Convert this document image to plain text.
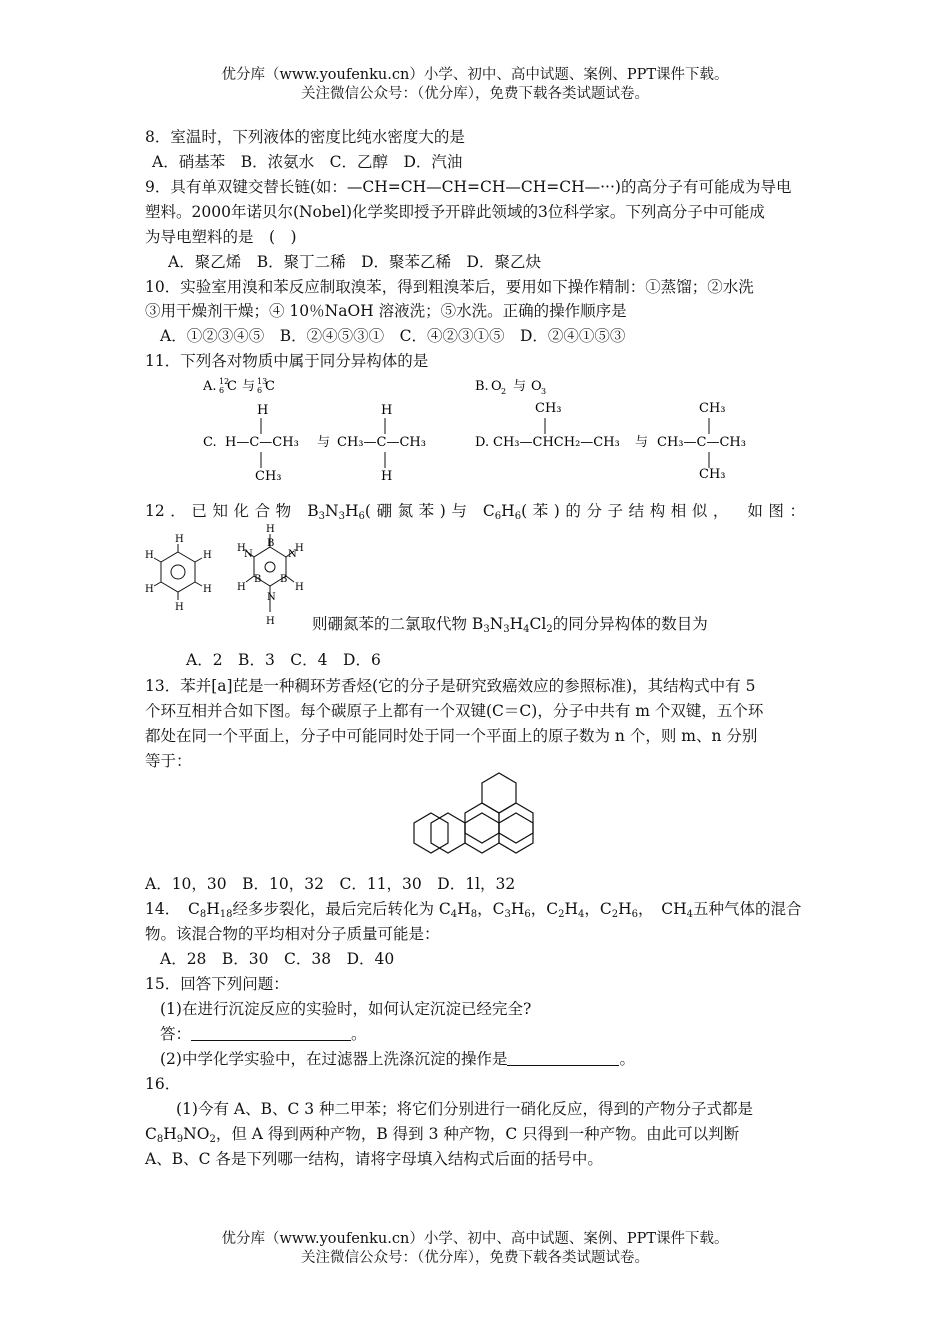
优分库（www.youfenku.cn）小学、初中、高中试题、案例、PPT课件下载。
关注微信公众号：（优分库），免费下载各类试题试卷。
8．室温时，下列液体的密度比纯水密度大的是
A．硝基苯　B．浓氨水　C．乙醇　D．汽油
9．具有单双键交替长链(如：—CH=CH—CH=CH—CH=CH—···)的高分子有可能成为导电
塑料。2000年诺贝尔(Nobel)化学奖即授予开辟此领域的3位科学家。下列高分子中可能成
为导电塑料的是　(　)
A．聚乙烯　B．聚丁二稀　D．聚苯乙稀　D．聚乙炔
10．实验室用溴和苯反应制取溴苯，得到粗溴苯后，要用如下操作精制：①蒸馏；②水洗
③用干燥剂干燥；④ 10％NaOH 溶液洗；⑤水洗。正确的操作顺序是
A．①②③④⑤　B．②④⑤③①　C．④②③①⑤　D．②④①⑤③
11．下列各对物质中属于同分异构体的是
A. 12
6 C 与 13
6 C	B. O 2 与 O 3
C.
H
H—C—CH₃
CH₃
与
H
CH₃—C—CH₃
H
D.
CH₃
CH₃—CHCH₂—CH₃ 与
CH₃
CH₃—C—CH₃
CH₃
12．已知化合物 $B_3N_3H_6$(硼氮苯)与 $C_6H_6$(苯)的分子结构相似，　如图：
H
H
H
H
H
H
H
B
N
H
B
H
N
H
B
H
N
H
则硼氮苯的二氯取代物 $B_3N_3H_4Cl_2$的同分异构体的数目为
A．2　B．3　C．4　D．6
13．苯并[a]芘是一种稠环芳香烃(它的分子是研究致癌效应的参照标准)，其结构式中有 5
个环互相并合如下图。每个碳原子上都有一个双键(C＝C)，分子中共有 m 个双键，五个环
都处在同一个平面上，分子中可能同时处于同一个平面上的原子数为 n 个，则 m、n 分别
等于：
A．10，30　B．10，32　C．11，30　D．1l，32
14．　$C_8H_{18}$经多步裂化，最后完后转化为 $C_4H_8$，$C_3H_6$，$C_2H_4$，$C_2H_6$，　$CH_4$五种气体的混合
物。该混合物的平均相对分子质量可能是：
A．28　B．30　C．38　D．40
15．回答下列问题：
(1)在进行沉淀反应的实验时，如何认定沉淀已经完全?
答：	。
(2)中学化学实验中，在过滤器上洗涤沉淀的操作是	。
16．
(1)今有 A、B、C 3 种二甲苯；将它们分别进行一硝化反应，得到的产物分子式都是
$C_8H_9NO_2$，但 A 得到两种产物，B 得到 3 种产物，C 只得到一种产物。由此可以判断
A、B、C 各是下列哪一结构，请将字母填入结构式后面的括号中。
优分库（www.youfenku.cn）小学、初中、高中试题、案例、PPT课件下载。
关注微信公众号：（优分库），免费下载各类试题试卷。
